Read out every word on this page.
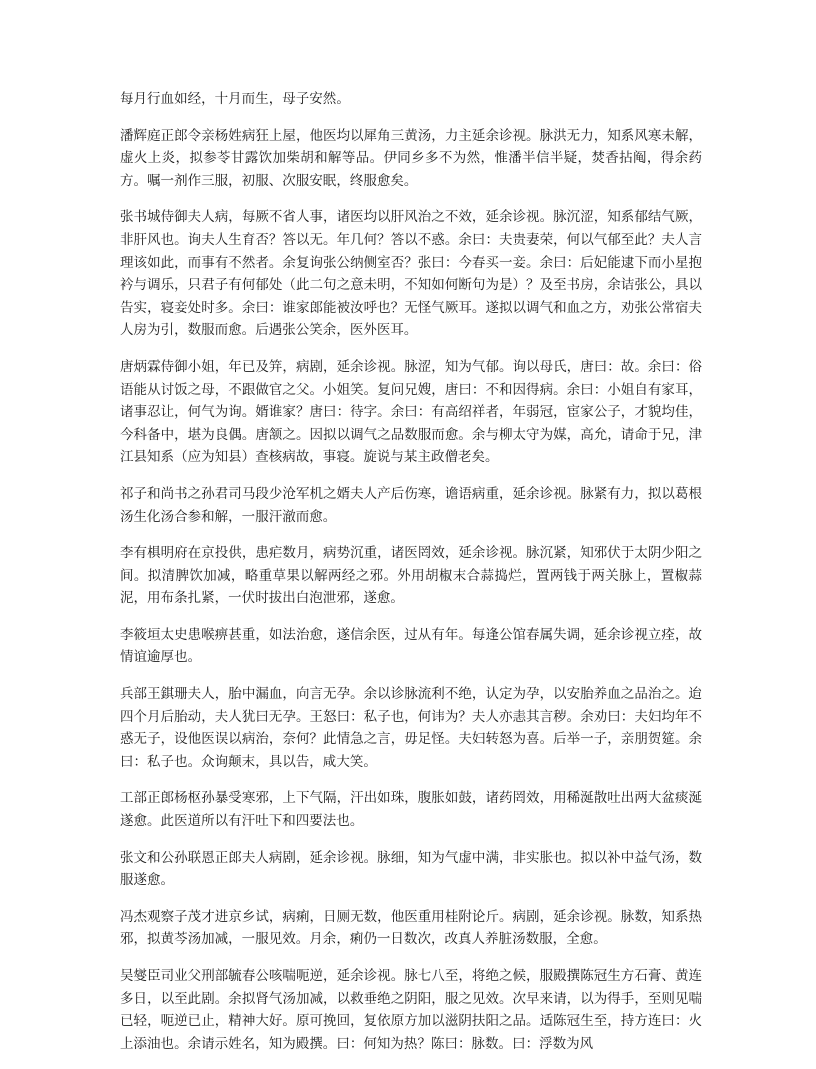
每月行血如经，十月而生，母子安然。

潘辉庭正郎令亲杨姓病狂上屋，他医均以犀角三黄汤，力主延余诊视。脉洪无力，知系风寒未解，虚火上炎，拟参苓甘露饮加柴胡和解等品。伊同乡多不为然，惟潘半信半疑，焚香拈阄，得余药方。嘱一剂作三服，初服、次服安眠，终服愈矣。

张书城侍御夫人病，每厥不省人事，诸医均以肝风治之不效，延余诊视。脉沉涩，知系郁结气厥，非肝风也。询夫人生育否？答以无。年几何？答以不惑。余曰：夫贵妻荣，何以气郁至此？夫人言理该如此，而事有不然者。余复询张公纳侧室否？张曰：今春买一妾。余曰：后妃能逮下而小星抱衿与调乐，只君子有何郁处（此二句之意未明，不知如何断句为是）？及至书房，余诘张公，具以告实，寝妾处时多。余曰：谁家郎能被汝呼也？无怪气厥耳。遂拟以调气和血之方，劝张公常宿夫人房为引，数服而愈。后遇张公笑余，医外医耳。

唐炳霖侍御小姐，年已及笄，病剧，延余诊视。脉涩，知为气郁。询以母氏，唐曰：故。余曰：俗语能从讨饭之母，不跟做官之父。小姐笑。复问兄嫂，唐曰：不和因得病。余曰：小姐自有家耳，诸事忍让，何气为询。婿谁家？唐曰：待字。余曰：有高绍祥者，年弱冠，宦家公子，才貌均佳，今科备中，堪为良偶。唐颔之。因拟以调气之品数服而愈。余与柳太守为媒，高允，请命于兄，津江县知系（应为知县）查核病故，事寝。旋说与某主政僧老矣。

祁子和尚书之孙君司马段少沧军机之婿夫人产后伤寒，谵语病重，延余诊视。脉紧有力，拟以葛根汤生化汤合参和解，一服汗澈而愈。

李有椇明府在京投供，患疟数月，病势沉重，诸医罔效，延余诊视。脉沉紧，知邪伏于太阴少阳之间。拟清脾饮加减，略重草果以解两经之邪。外用胡椒末合蒜捣烂，置两钱于两关脉上，置椒蒜泥，用布条扎紧，一伏时拔出白泡泄邪，遂愈。

李筱垣太史患喉痹甚重，如法治愈，遂信余医，过从有年。每逢公馆春属失调，延余诊视立痊，故情谊逾厚也。

兵部王錤珊夫人，胎中漏血，向言无孕。余以诊脉流利不绝，认定为孕，以安胎养血之品治之。迨四个月后胎动，夫人犹曰无孕。王怒曰：私子也，何讳为？夫人亦恚其言秽。余劝曰：夫妇均年不惑无子，设他医误以病治，奈何？此情急之言，毋足怪。夫妇转怒为喜。后举一子，亲朋贺筵。余曰：私子也。众询颠末，具以告，咸大笑。

工部正郎杨枢孙暴受寒邪，上下气隔，汗出如珠，腹胀如鼓，诸药罔效，用稀涎散吐出两大盆痰涎遂愈。此医道所以有汗吐下和四要法也。

张文和公孙联恩正郎夫人病剧，延余诊视。脉细，知为气虚中满，非实胀也。拟以补中益气汤，数服遂愈。

冯杰观察子茂才进京乡试，病痢，日厕无数，他医重用桂附论斤。病剧，延余诊视。脉数，知系热邪，拟黄芩汤加减，一服见效。月余，痢仍一日数次，改真人养脏汤数服，全愈。

吴燮臣司业父刑部毓春公咳喘呃逆，延余诊视。脉七八至，将绝之候，服殿撰陈冠生方石膏、黄连多日，以至此剧。余拟肾气汤加减，以救垂绝之阴阳，服之见效。次早来请，以为得手，至则见喘已轻，呃逆已止，精神大好。原可挽回，复依原方加以滋阴扶阳之品。适陈冠生至，持方连曰：火上添油也。余请示姓名，知为殿撰。曰：何知为热？陈曰：脉数。曰：浮数为风
